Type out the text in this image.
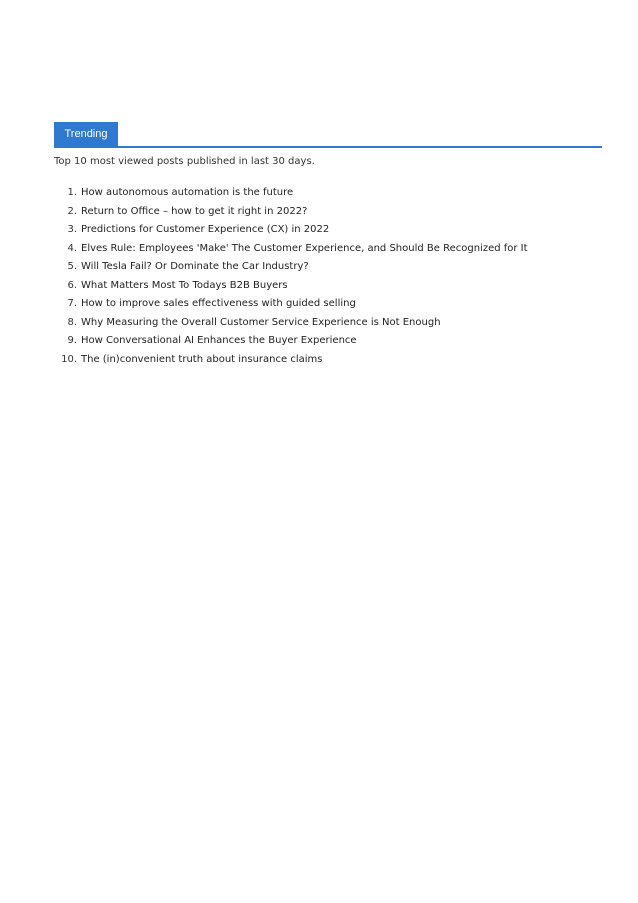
Trending

Top 10 most viewed posts published in last 30 days.

1. How autonomous automation is the future
2. Return to Office – how to get it right in 2022?
3. Predictions for Customer Experience (CX) in 2022
4. Elves Rule: Employees 'Make' The Customer Experience, and Should Be Recognized for It
5. Will Tesla Fail? Or Dominate the Car Industry?
6. What Matters Most To Todays B2B Buyers
7. How to improve sales effectiveness with guided selling
8. Why Measuring the Overall Customer Service Experience is Not Enough
9. How Conversational AI Enhances the Buyer Experience
10. The (in)convenient truth about insurance claims
